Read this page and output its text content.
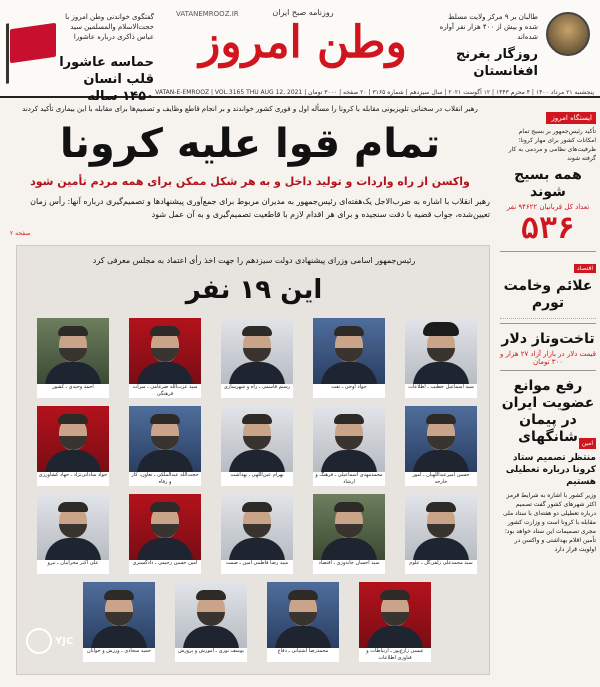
گفتگوی خواندنی وطن امروز با حجت‌الاسلام والمسلمین سید عباس ذاکری درباره عاشورا
حماسه عاشورا قلب انسان ۱۴۵۰ ساله
روزنامه صبح ایران
وطن امروز
VATANEMROOZ.IR	طالبان بر ۹ مرکز ولایت مسلط شده و بیش از ۴۰۰ هزار نفر آواره شده‌اند
روزگار بغرنج افغانستان
پنجشنبه ۲۱ مرداد ۱۴۰۰ | ۴ محرم ۱۴۴۳ | ۱۲ آگوست ۲۰۲۱ | سال سیزدهم | شماره ۳۱۶۵ | ۲۰ صفحه | ۳۰۰۰ تومان | VATAN-E-EMROOZ | VOL.3165 THU AUG 12, 2021
رهبر انقلاب در سخنانی تلویزیونی مقابله با کرونا را مسأله اول و فوری کشور خواندند و بر انجام قاطع وظایف و تصمیم‌ها برای مقابله با این بیماری تأکید کردند
تمام قوا علیه کرونا
واکسن از راه واردات و تولید داخل و به هر شکل ممکن برای همه مردم تأمین شود
رهبر انقلاب با اشاره به ضرب‌الاجل یک‌هفته‌ای رئیس‌جمهور به مدیران مربوط برای جمع‌آوری پیشنهادها و تصمیم‌گیری درباره آنها: رأس زمان تعیین‌شده، جواب قضیه با دقت سنجیده و برای هر اقدام لازم با قاطعیت تصمیم‌گیری و به آن عمل شود
صفحه ۲
رئیس‌جمهور اسامی وزرای پیشنهادی دولت سیزدهم را جهت اخذ رأی اعتماد به مجلس معرفی کرد
این ۱۹ نفر
سید اسماعیل خطیب ـ اطلاعات
جواد اوجی ـ نفت
رستم قاسمی ـ راه و شهرسازی
سید عزت‌الله ضرغامی ـ میراث فرهنگی
احمد وحیدی ـ کشور
حسین امیرعبداللهیان ـ امور خارجه
محمدمهدی اسماعیلی ـ فرهنگ و ارشاد
بهرام عین‌اللهی ـ بهداشت
حجت‌الله عبدالملکی ـ تعاون، کار و رفاه
جواد ساداتی‌نژاد ـ جهاد کشاورزی
سید محمدعلی زلفی‌گل ـ علوم
سید احسان خاندوزی ـ اقتصاد
سید رضا فاطمی امین ـ صمت
امین حسین رحیمی ـ دادگستری
علی اکبر محرابیان ـ نیرو
عیسی زارع‌پور ـ ارتباطات و فناوری اطلاعات
محمدرضا آشتیانی ـ دفاع
یوسف نوری ـ آموزش و پرورش
حمید سجادی ـ ورزش و جوانان
YJC
ایستگاه امروز
تأکید رئیس‌جمهور بر بسیج تمام امکانات کشور برای مهار کرونا؛ ظرفیت‌های نظامی و مردمی به کار گرفته شوند
همه بسیج شوند
تعداد کل قربانیان ۹۴۶۲۲ نفر
۵۳۶
اقتصاد
علائم وخامت تورم
تاخت‌وتاز دلار
قیمت دلار در بازار آزاد ۲۷ هزار و ۳۰۰ تومان
رفع موانع عضویت ایران در پیمان شانگهای امین
منتظر تصمیم ستاد کرونا درباره تعطیلی هستیم
وزیر کشور با اشاره به شرایط قرمز اکثر شهرهای کشور گفت تصمیم درباره تعطیلی دو هفته‌ای با ستاد ملی مقابله با کرونا است و وزارت کشور مجری تصمیمات این ستاد خواهد بود؛ تأمین اقلام بهداشتی و واکسن در اولویت قرار دارد
